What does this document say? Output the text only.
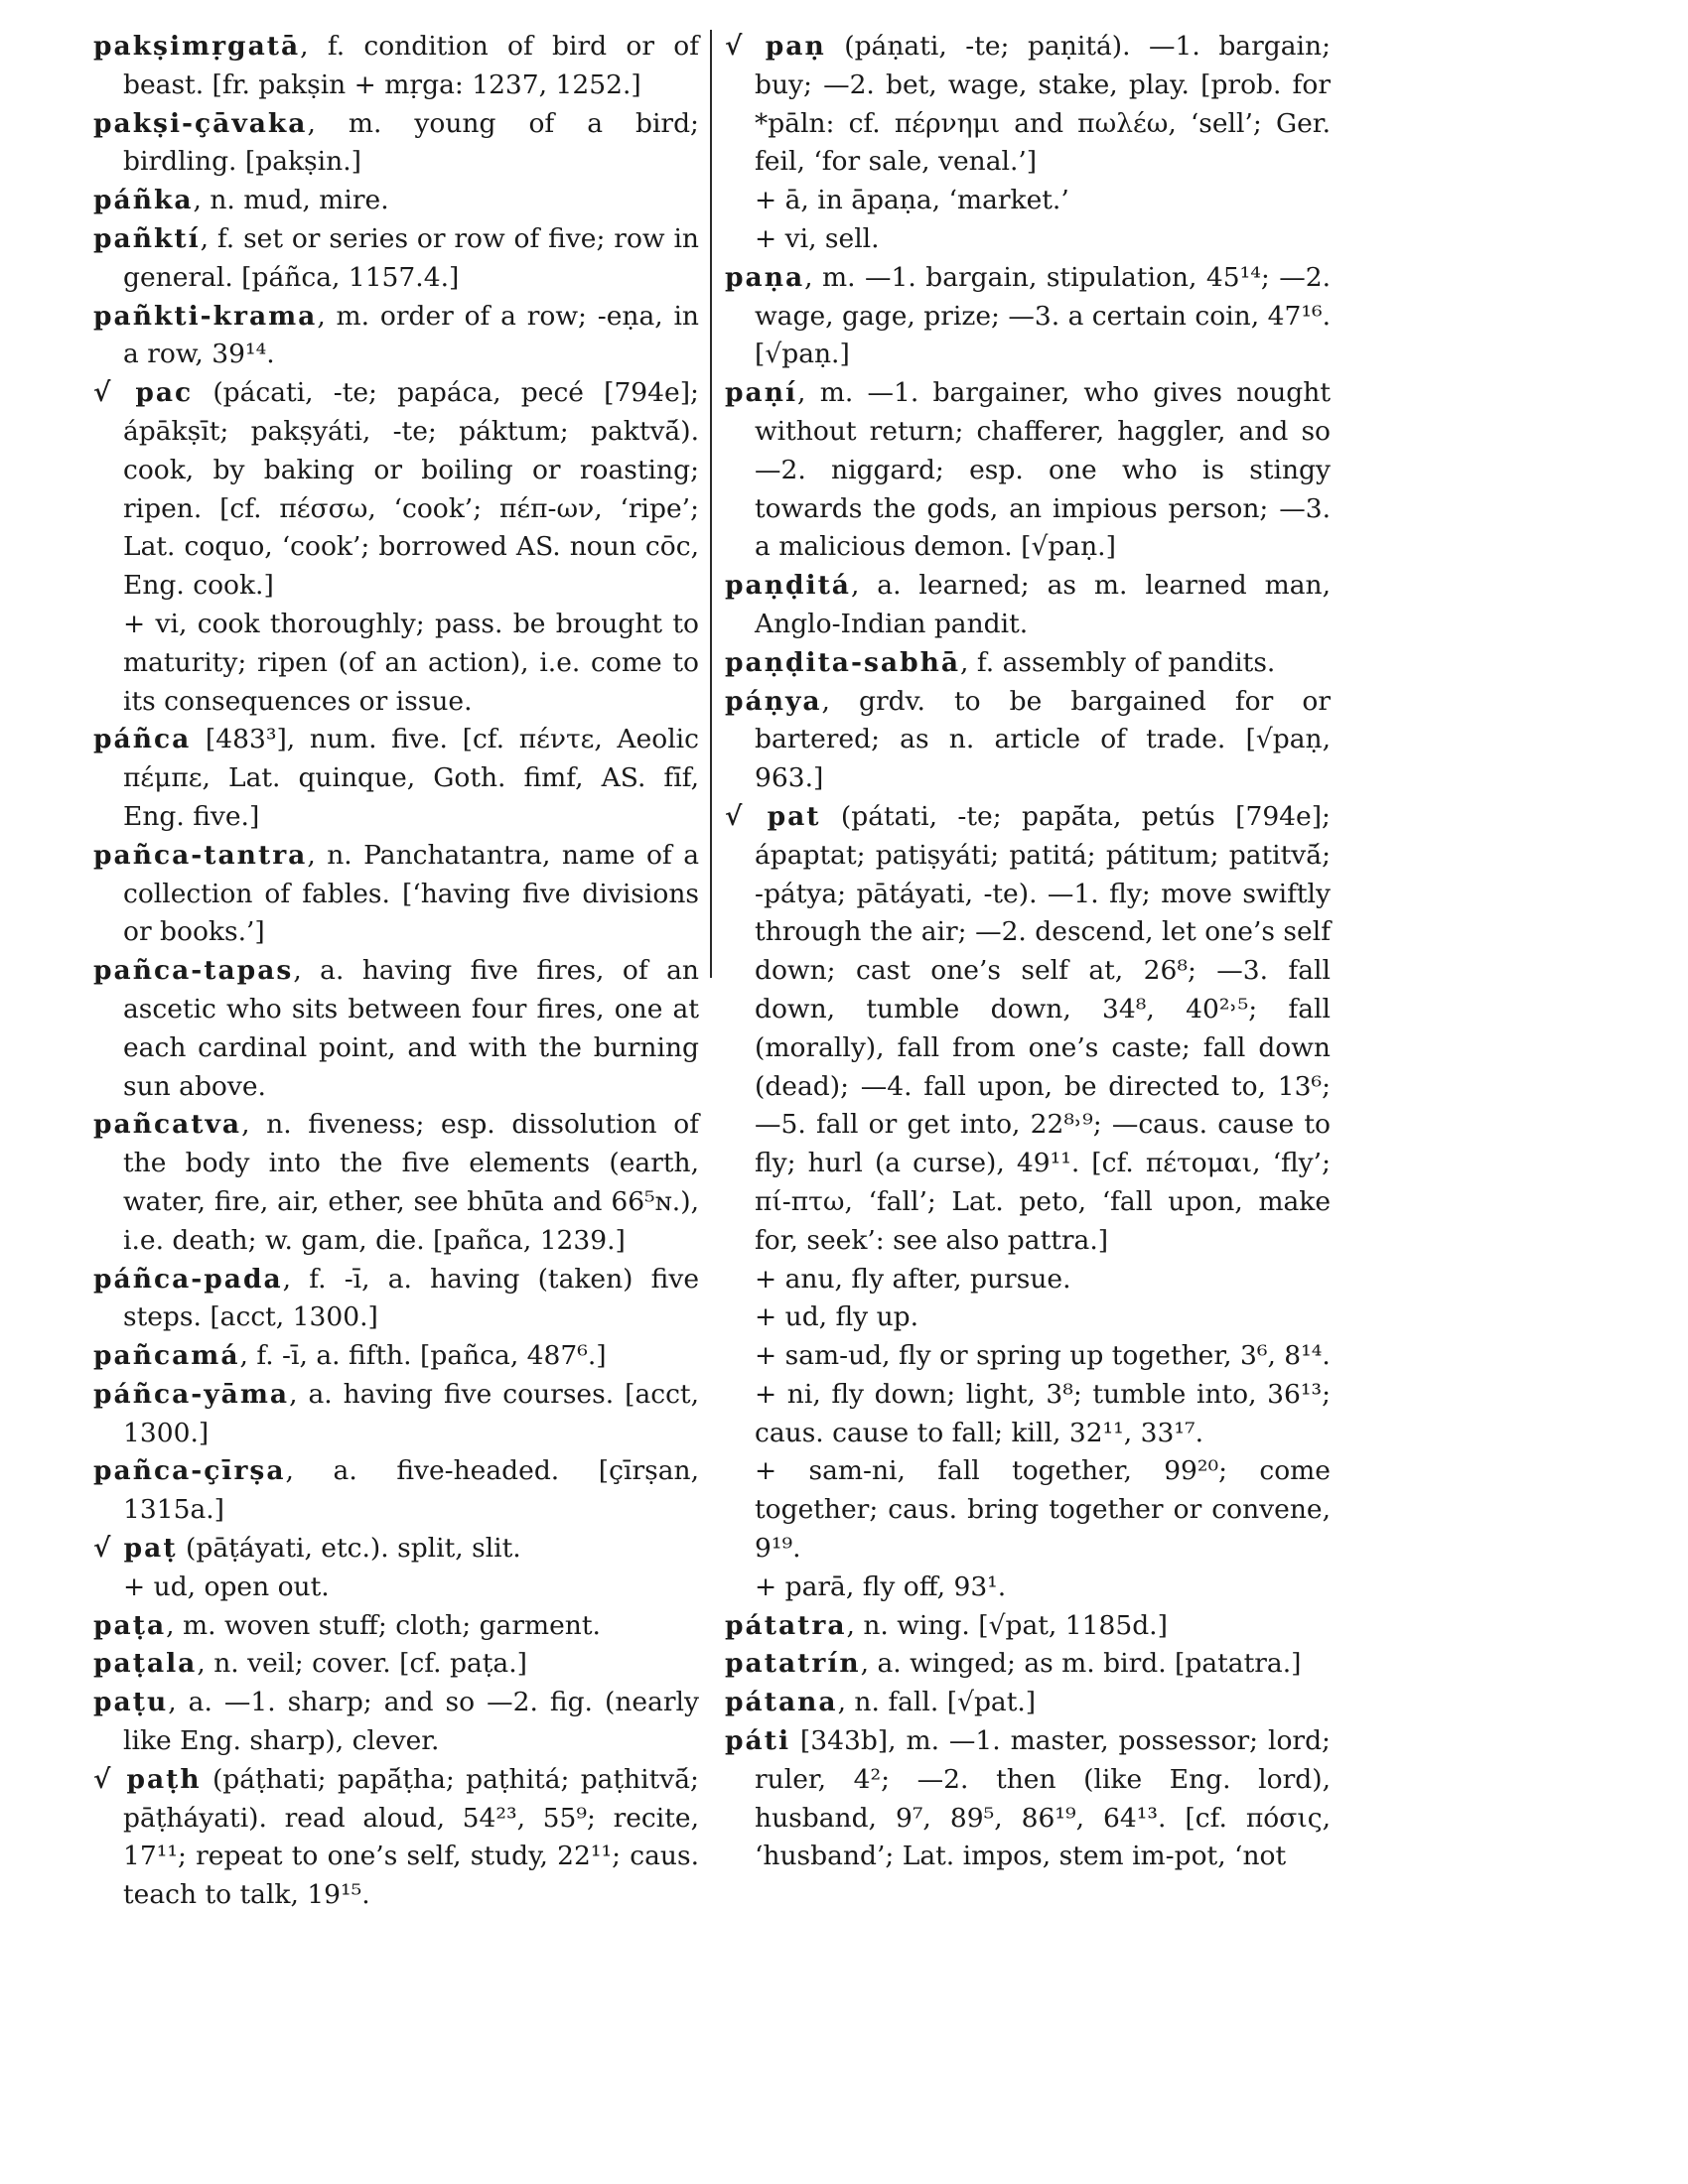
pakṣimṛgatā, f. condition of bird or of beast. [fr. pakṣin + mṛga: 1237, 1252.]

pakṣi-çāvaka, m. young of a bird; birdling. [pakṣin.]

páñka, n. mud, mire.

pañktí, f. set or series or row of five; row in general. [páñca, 1157.4.]

pañkti-krama, m. order of a row; -eṇa, in a row, 39¹⁴.

√ pac (pácati, -te; papáca, pecé [794e]; ápākṣīt; pakṣyáti, -te; páktum; paktvā́). cook, by baking or boiling or roasting; ripen. [cf. πέσσω, ‘cook’; πέπ-ων, ‘ripe’; Lat. coquo, ‘cook’; borrowed AS. noun cōc, Eng. cook.]

+ vi, cook thoroughly; pass. be brought to maturity; ripen (of an action), i.e. come to its consequences or issue.

páñca [483³], num. five. [cf. πέντε, Aeolic πέμπε, Lat. quinque, Goth. fimf, AS. fīf, Eng. five.]

pañca-tantra, n. Panchatantra, name of a collection of fables. [‘having five divisions or books.’]

pañca-tapas, a. having five fires, of an ascetic who sits between four fires, one at each cardinal point, and with the burning sun above.

pañcatva, n. fiveness; esp. dissolution of the body into the five elements (earth, water, fire, air, ether, see bhūta and 66⁵ɴ.), i.e. death; w. gam, die. [pañca, 1239.]

páñca-pada, f. -ī, a. having (taken) five steps. [acct, 1300.]

pañcamá, f. -ī, a. fifth. [pañca, 487⁶.]

páñca-yāma, a. having five courses. [acct, 1300.]

pañca-çīrṣa, a. five-headed. [çīrṣan, 1315a.]

√ paṭ (pāṭáyati, etc.). split, slit.

+ ud, open out.

paṭa, m. woven stuff; cloth; garment.

paṭala, n. veil; cover. [cf. paṭa.]

paṭu, a. —1. sharp; and so —2. fig. (nearly like Eng. sharp), clever.

√ paṭh (páṭhati; papā́ṭha; paṭhitá; paṭhitvā́; pāṭháyati). read aloud, 54²³, 55⁹; recite, 17¹¹; repeat to one’s self, study, 22¹¹; caus. teach to talk, 19¹⁵.

√ paṇ (páṇati, -te; paṇitá). —1. bargain; buy; —2. bet, wage, stake, play. [prob. for *pāln: cf. πέρνημι and πωλέω, ‘sell’; Ger. feil, ‘for sale, venal.’]

+ ā, in āpaṇa, ‘market.’

+ vi, sell.

paṇa, m. —1. bargain, stipulation, 45¹⁴; —2. wage, gage, prize; —3. a certain coin, 47¹⁶. [√paṇ.]

paṇí, m. —1. bargainer, who gives nought without return; chafferer, haggler, and so —2. niggard; esp. one who is stingy towards the gods, an impious person; —3. a malicious demon. [√paṇ.]

paṇḍitá, a. learned; as m. learned man, Anglo-Indian pandit.

paṇḍita-sabhā, f. assembly of pandits.

páṇya, grdv. to be bargained for or bartered; as n. article of trade. [√paṇ, 963.]

√ pat (pátati, -te; papā́ta, petús [794e]; ápaptat; patiṣyáti; patitá; pátitum; patitvā́; -pátya; pātáyati, -te). —1. fly; move swiftly through the air; —2. descend, let one’s self down; cast one’s self at, 26⁸; —3. fall down, tumble down, 34⁸, 40²˒⁵; fall (morally), fall from one’s caste; fall down (dead); —4. fall upon, be directed to, 13⁶; —5. fall or get into, 22⁸˒⁹; —caus. cause to fly; hurl (a curse), 49¹¹. [cf. πέτομαι, ‘fly’; πί-πτω, ‘fall’; Lat. peto, ‘fall upon, make for, seek’: see also pattra.]

+ anu, fly after, pursue.

+ ud, fly up.

+ sam-ud, fly or spring up together, 3⁶, 8¹⁴.

+ ni, fly down; light, 3⁸; tumble into, 36¹³; caus. cause to fall; kill, 32¹¹, 33¹⁷.

+ sam-ni, fall together, 99²⁰; come together; caus. bring together or convene, 9¹⁹.

+ parā, fly off, 93¹.

pátatra, n. wing. [√pat, 1185d.]

patatrín, a. winged; as m. bird. [patatra.]

pátana, n. fall. [√pat.]

páti [343b], m. —1. master, possessor; lord; ruler, 4²; —2. then (like Eng. lord), husband, 9⁷, 89⁵, 86¹⁹, 64¹³. [cf. πόσις, ‘husband’; Lat. impos, stem im-pot, ‘not
